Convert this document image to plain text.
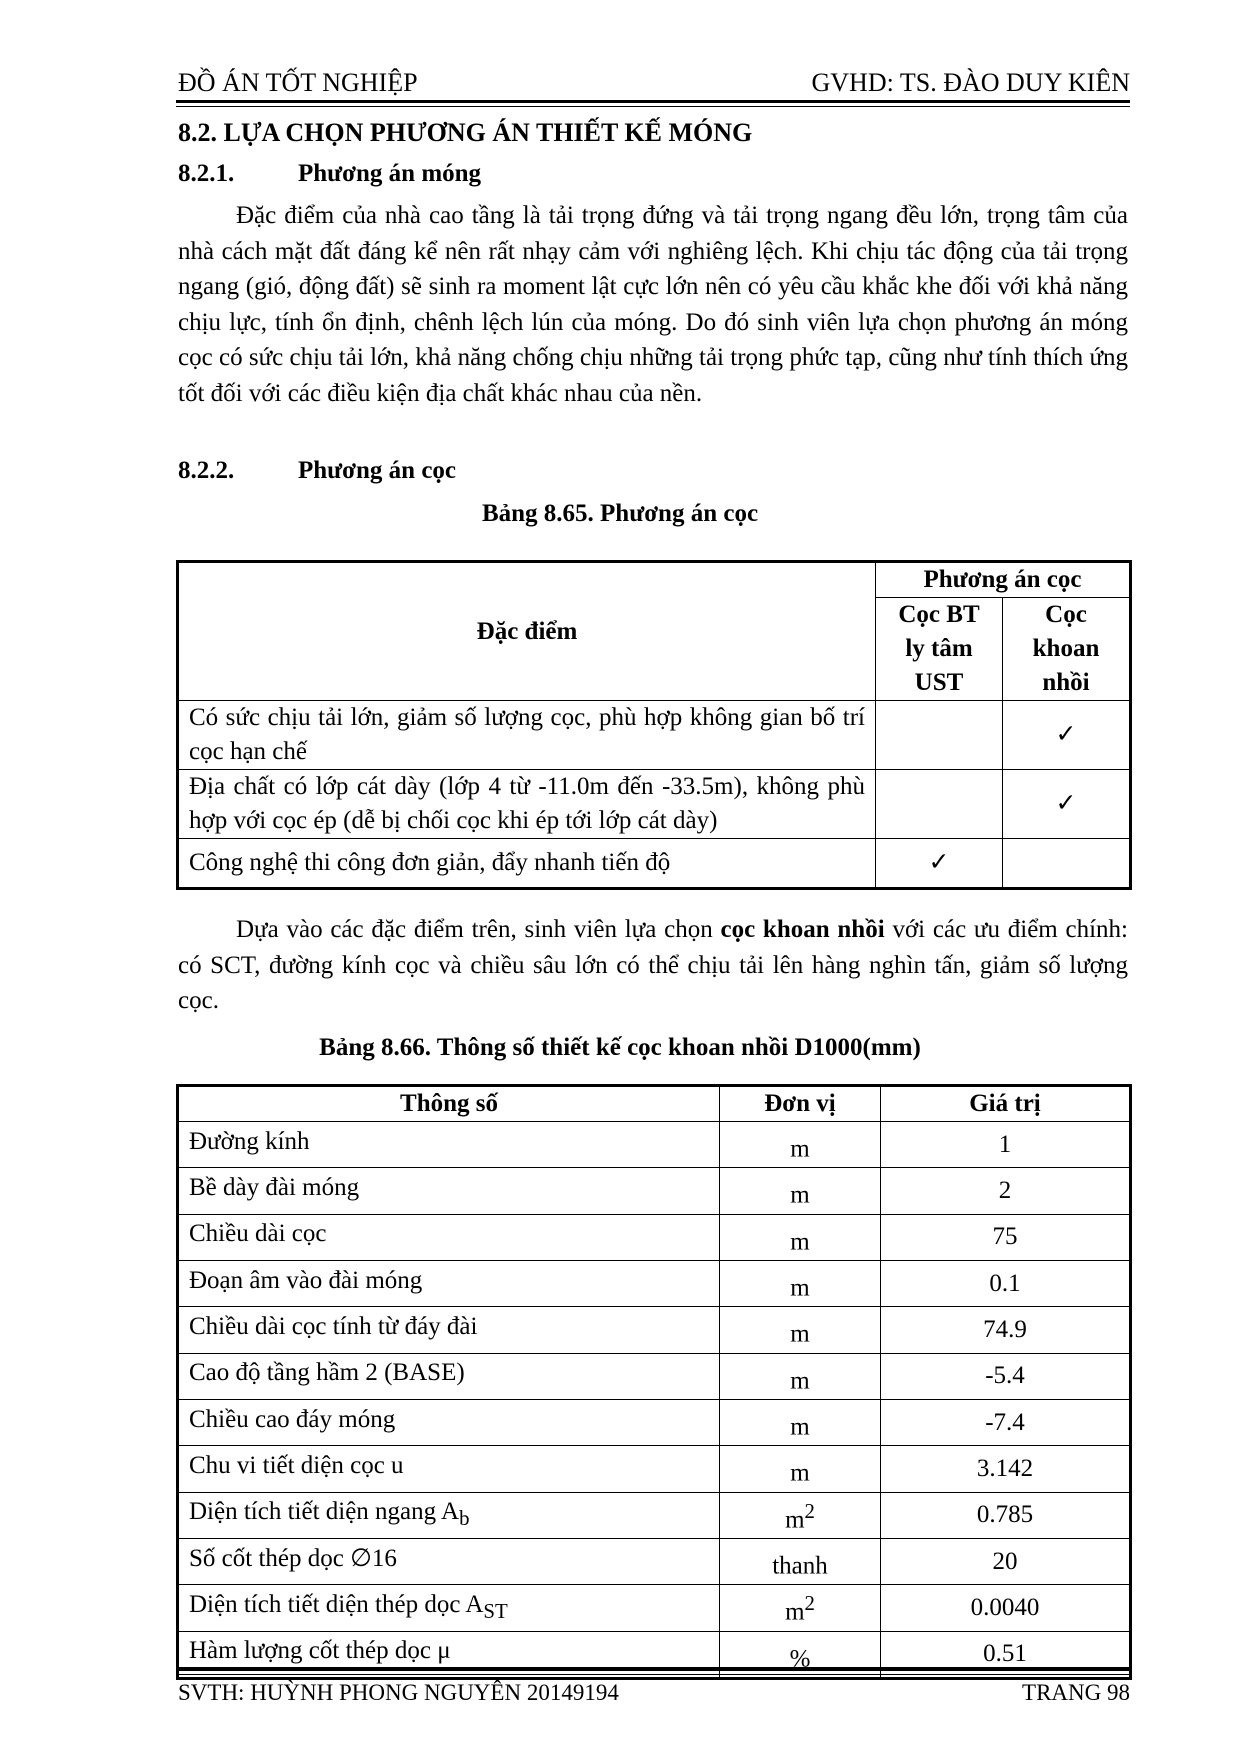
ĐỒ ÁN TỐT NGHIỆP	GVHD: TS. ĐÀO DUY KIÊN
8.2. LỰA CHỌN PHƯƠNG ÁN THIẾT KẾ MÓNG
8.2.1.	Phương án móng

Đặc điểm của nhà cao tầng là tải trọng đứng và tải trọng ngang đều lớn, trọng tâm của nhà cách mặt đất đáng kể nên rất nhạy cảm với nghiêng lệch. Khi chịu tác động của tải trọng ngang (gió, động đất) sẽ sinh ra moment lật cực lớn nên có yêu cầu khắc khe đối với khả năng chịu lực, tính ổn định, chênh lệch lún của móng. Do đó sinh viên lựa chọn phương án móng cọc có sức chịu tải lớn, khả năng chống chịu những tải trọng phức tạp, cũng như tính thích ứng tốt đối với các điều kiện địa chất khác nhau của nền.

8.2.2.	Phương án cọc
Bảng 8.65. Phương án cọc
Đặc điểm	Phương án cọc	
	Cọc BT ly tâm UST	Cọc khoan nhồi
Có sức chịu tải lớn, giảm số lượng cọc, phù hợp không gian bố trí cọc hạn chế		✓
Địa chất có lớp cát dày (lớp 4 từ -11.0m đến -33.5m), không phù hợp với cọc ép (dễ bị chối cọc khi ép tới lớp cát dày)		✓
Công nghệ thi công đơn giản, đẩy nhanh tiến độ	✓	

Dựa vào các đặc điểm trên, sinh viên lựa chọn cọc khoan nhồi với các ưu điểm chính: có SCT, đường kính cọc và chiều sâu lớn có thể chịu tải lên hàng nghìn tấn, giảm số lượng cọc.

Bảng 8.66. Thông số thiết kế cọc khoan nhồi D1000(mm)
Thông số	Đơn vị	Giá trị
Đường kính	m	1
Bề dày đài móng	m	2
Chiều dài cọc	m	75
Đoạn âm vào đài móng	m	0.1
Chiều dài cọc tính từ đáy đài	m	74.9
Cao độ tầng hầm 2 (BASE)	m	-5.4
Chiều cao đáy móng	m	-7.4
Chu vi tiết diện cọc u	m	3.142
Diện tích tiết diện ngang $A_b$	$m^2$	0.785
Số cốt thép dọc ∅16	thanh	20
Diện tích tiết diện thép dọc $A_{ST}$	$m^2$	0.0040
Hàm lượng cốt thép dọc μ	%	0.51
SVTH: HUỲNH PHONG NGUYÊN 20149194	TRANG 98
